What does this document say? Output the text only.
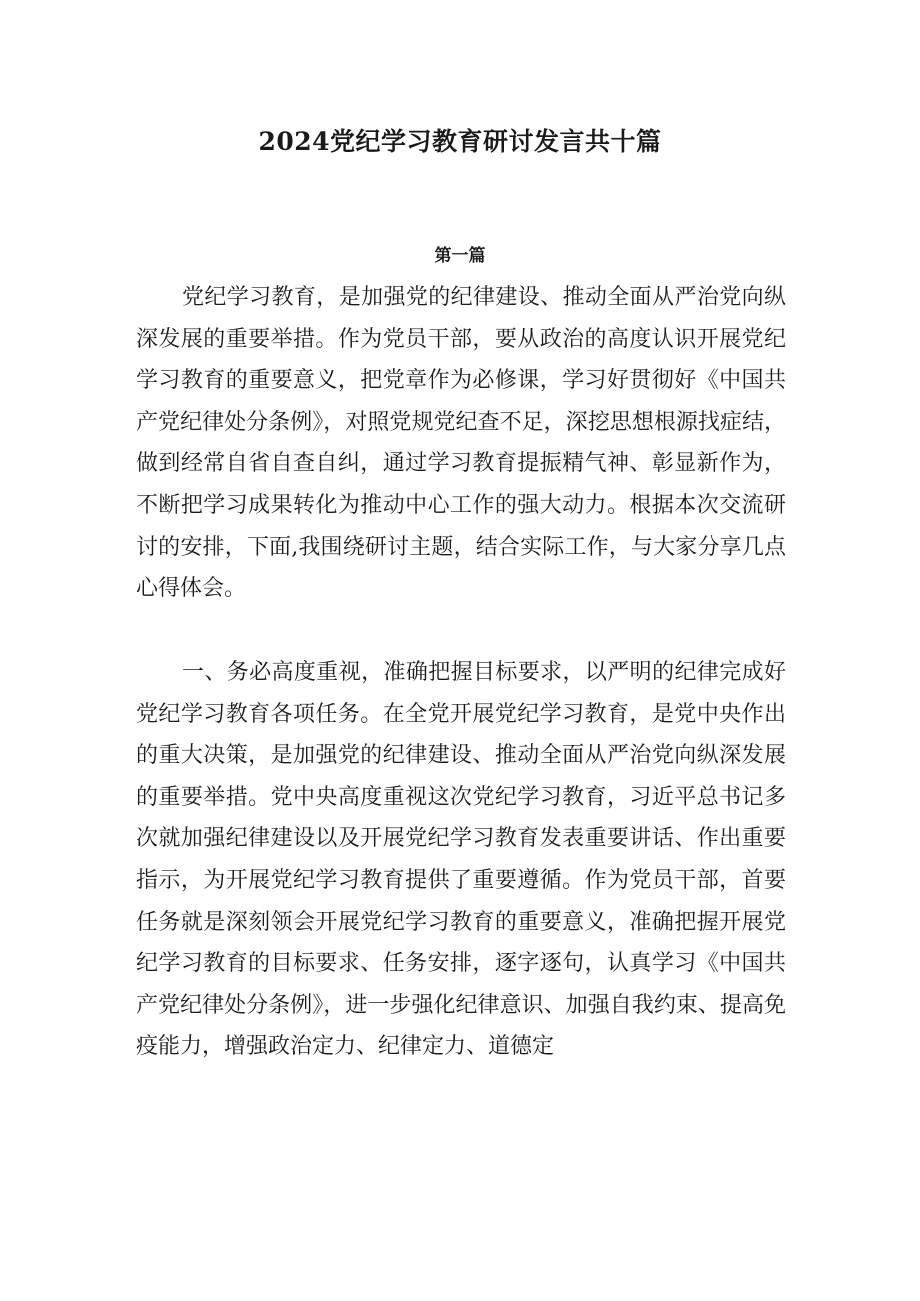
2024党纪学习教育研讨发言共十篇
第一篇

党纪学习教育，是加强党的纪律建设、推动全面从严治党向纵深发展的重要举措。作为党员干部，要从政治的高度认识开展党纪学习教育的重要意义，把党章作为必修课，学习好贯彻好《中国共产党纪律处分条例》，对照党规党纪查不足，深挖思想根源找症结，做到经常自省自查自纠，通过学习教育提振精气神、彰显新作为，不断把学习成果转化为推动中心工作的强大动力。根据本次交流研讨的安排，下面,我围绕研讨主题，结合实际工作，与大家分享几点心得体会。

一、务必高度重视，准确把握目标要求，以严明的纪律完成好党纪学习教育各项任务。在全党开展党纪学习教育，是党中央作出的重大决策，是加强党的纪律建设、推动全面从严治党向纵深发展的重要举措。党中央高度重视这次党纪学习教育，习近平总书记多次就加强纪律建设以及开展党纪学习教育发表重要讲话、作出重要指示，为开展党纪学习教育提供了重要遵循。作为党员干部，首要任务就是深刻领会开展党纪学习教育的重要意义，准确把握开展党纪学习教育的目标要求、任务安排，逐字逐句，认真学习《中国共产党纪律处分条例》，进一步强化纪律意识、加强自我约束、提高免疫能力，增强政治定力、纪律定力、道德定
